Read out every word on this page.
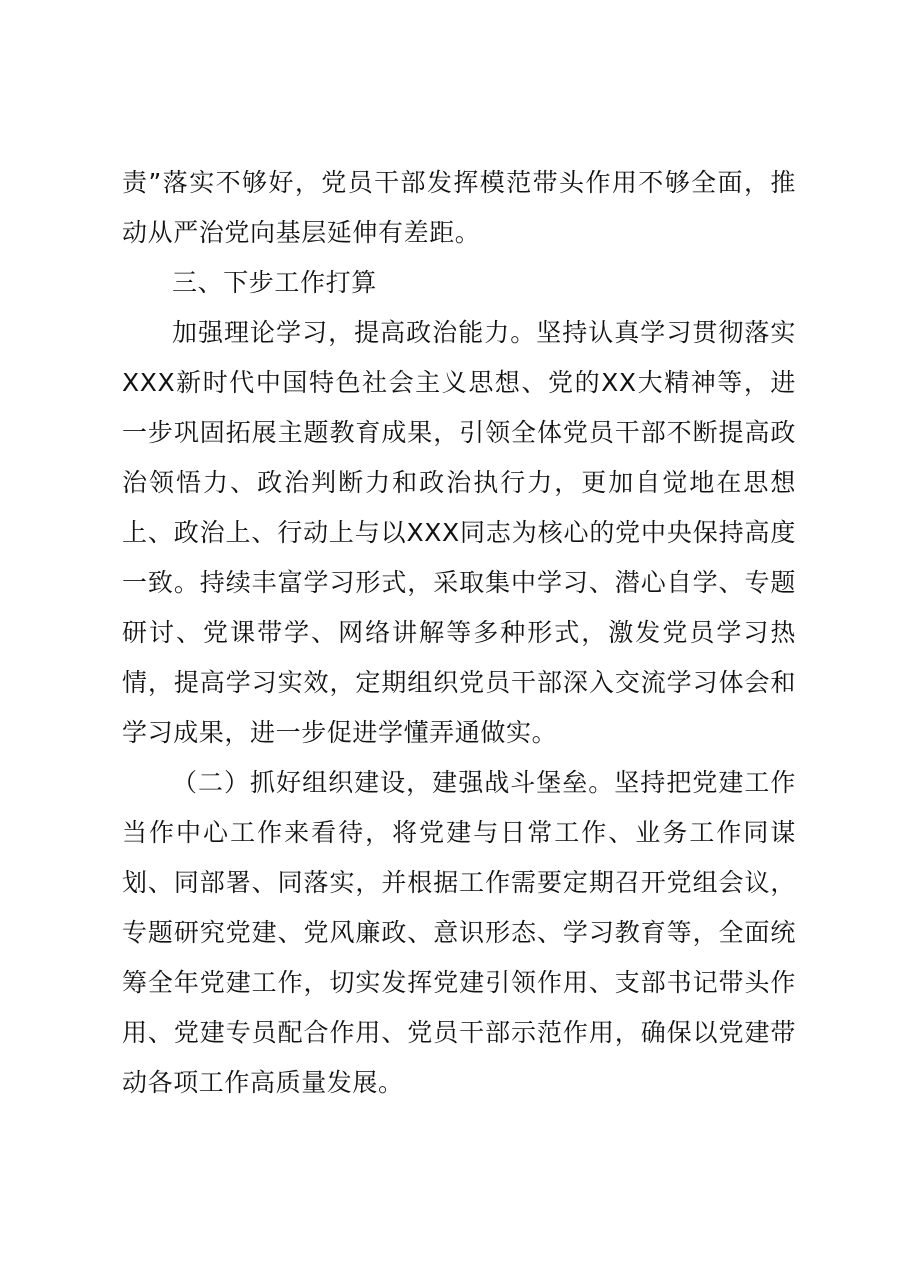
责”落实不够好，党员干部发挥模范带头作用不够全面，推动从严治党向基层延伸有差距。

三、下步工作打算

加强理论学习，提高政治能力。坚持认真学习贯彻落实XXX新时代中国特色社会主义思想、党的XX大精神等，进一步巩固拓展主题教育成果，引领全体党员干部不断提高政治领悟力、政治判断力和政治执行力，更加自觉地在思想上、政治上、行动上与以XXX同志为核心的党中央保持高度一致。持续丰富学习形式，采取集中学习、潜心自学、专题研讨、党课带学、网络讲解等多种形式，激发党员学习热情，提高学习实效，定期组织党员干部深入交流学习体会和学习成果，进一步促进学懂弄通做实。

（二）抓好组织建设，建强战斗堡垒。坚持把党建工作当作中心工作来看待，将党建与日常工作、业务工作同谋划、同部署、同落实，并根据工作需要定期召开党组会议，专题研究党建、党风廉政、意识形态、学习教育等，全面统筹全年党建工作，切实发挥党建引领作用、支部书记带头作用、党建专员配合作用、党员干部示范作用，确保以党建带动各项工作高质量发展。
